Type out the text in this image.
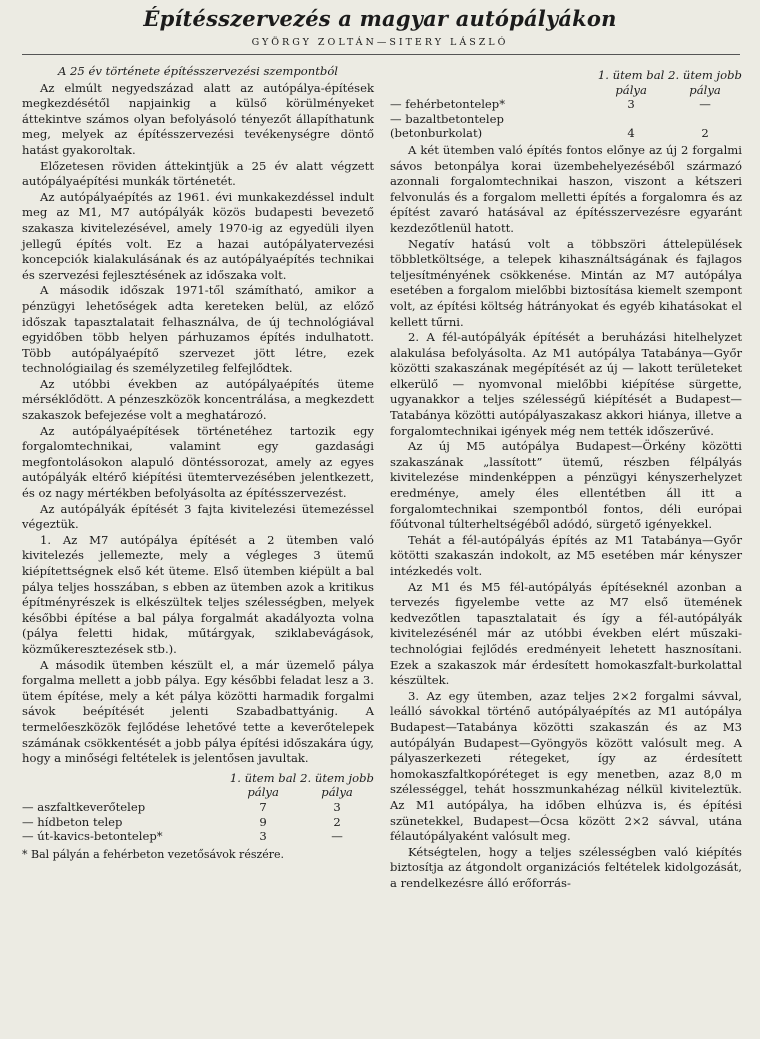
Építésszervezés a magyar autópályákon
GYÖRGY ZOLTÁN—SITERY LÁSZLÓ

A 25 év története építésszervezési szempontból

Az elmúlt negyedszázad alatt az autópálya-építések megkezdésétől napjainkig a külső körülményeket áttekintve számos olyan befolyásoló tényezőt állapíthatunk meg, melyek az építésszervezési tevékenységre döntő hatást gyakoroltak.

Előzetesen röviden áttekintjük a 25 év alatt végzett autópályaépítési munkák történetét.

Az autópályaépítés az 1961. évi munkakezdéssel indult meg az M1, M7 autópályák közös budapesti bevezető szakasza kivitelezésével, amely 1970-ig az egyedüli ilyen jellegű építés volt. Ez a hazai autópályatervezési koncepciók kialakulásának és az autópályaépítés technikai és szervezési fejlesztésének az időszaka volt.

A második időszak 1971-től számítható, amikor a pénzügyi lehetőségek adta kereteken belül, az előző időszak tapasztalatait felhasználva, de új technológiával egyidőben több helyen párhuzamos építés indulhatott. Több autópályaépítő szervezet jött létre, ezek technológiailag és személyzetileg felfejlődtek.

Az utóbbi években az autópályaépítés üteme mérséklődött. A pénzeszközök koncentrálása, a megkezdett szakaszok befejezése volt a meghatározó.

Az autópályaépítések történetéhez tartozik egy forgalomtechnikai, valamint egy gazdasági megfontolásokon alapuló döntéssorozat, amely az egyes autópályák eltérő kiépítési ütemtervezésében jelentkezett, és oz nagy mértékben befolyásolta az építésszervezést.

Az autópályák építését 3 fajta kivitelezési ütemezéssel végeztük.

1. Az M7 autópálya építését a 2 ütemben való kivitelezés jellemezte, mely a végleges 3 ütemű kiépítettségnek első két üteme. Első ütemben kiépült a bal pálya teljes hosszában, s ebben az ütemben azok a kritikus építményrészek is elkészültek teljes szélességben, melyek későbbi építése a bal pálya forgalmát akadályozta volna (pálya feletti hidak, műtárgyak, sziklabevágások, közműkeresztezések stb.).

A második ütemben készült el, a már üzemelő pálya forgalma mellett a jobb pálya. Egy későbbi feladat lesz a 3. ütem építése, mely a két pálya közötti harmadik forgalmi sávok beépítését jelenti Szabadbattyánig. A termelőeszközök fejlődése lehetővé tette a keverőtelepek számának csökkentését a jobb pálya építési időszakára úgy, hogy a minőségi feltételek is jelentősen javultak.

	1. ütem bal pálya	2. ütem jobb pálya
— aszfaltkeverőtelep	7	3
— hídbeton telep	9	2
— út-kavics-betontelep*	3	—

* Bal pályán a fehérbeton vezetősávok részére.

	1. ütem bal pálya	2. ütem jobb pálya
— fehérbetontelep*	3	—
— bazaltbetontelep (betonburkolat)	4	2

A két ütemben való építés fontos előnye az új 2 forgalmi sávos betonpálya korai üzembehelyezéséből származó azonnali forgalomtechnikai haszon, viszont a kétszeri felvonulás és a forgalom melletti építés a forgalomra és az építést zavaró hatásával az építésszervezésre egyaránt kezdezőtlenül hatott.

Negatív hatású volt a többszöri áttelepülések többletköltsége, a telepek kihasználtságának és fajlagos teljesítményének csökkenése. Mintán az M7 autópálya esetében a forgalom mielőbbi biztosítása kiemelt szempont volt, az építési költség hátrányokat és egyéb kihatásokat el kellett tűrni.

2. A fél-autópályák építését a beruházási hitelhelyzet alakulása befolyásolta. Az M1 autópálya Tatabánya—Győr közötti szakaszának megépítését az új — lakott területeket elkerülő — nyomvonal mielőbbi kiépítése sürgette, ugyanakkor a teljes szélességű kiépítését a Budapest—Tatabánya közötti autópályaszakasz akkori hiánya, illetve a forgalomtechnikai igények még nem tették időszerűvé.

Az új M5 autópálya Budapest—Örkény közötti szakaszának „lassított” ütemű, részben félpályás kivitelezése mindenképpen a pénzügyi kényszerhelyzet eredménye, amely éles ellentétben áll itt a forgalomtechnikai szempontból fontos, déli európai főútvonal túlterheltségéből adódó, sürgető igényekkel.

Tehát a fél-autópályás építés az M1 Tatabánya—Győr kötötti szakaszán indokolt, az M5 esetében már kényszer intézkedés volt.

Az M1 és M5 fél-autópályás építéseknél azonban a tervezés figyelembe vette az M7 első ütemének kedvezőtlen tapasztalatait és így a fél-autópályák kivitelezésénél már az utóbbi években elért műszaki-technológiai fejlődés eredményeit lehetett hasznosítani. Ezek a szakaszok már érdesített homokaszfalt-burkolattal készültek.

3. Az egy ütemben, azaz teljes 2×2 forgalmi sávval, leálló sávokkal történő autópályaépítés az M1 autópálya Budapest—Tatabánya közötti szakaszán és az M3 autópályán Budapest—Gyöngyös között valósult meg. A pályaszerkezeti rétegeket, így az érdesített homokaszfaltkopóréteget is egy menetben, azaz 8,0 m szélességgel, tehát hosszmunkahézag nélkül kiviteleztük. Az M1 autópálya, ha időben elhúzva is, és építési szünetekkel, Budapest—Ócsa között 2×2 sávval, utána félautópályaként valósult meg.

Kétségtelen, hogy a teljes szélességben való kiépítés biztosítja az átgondolt organizációs feltételek kidolgozását, a rendelkezésre álló erőforrás-
